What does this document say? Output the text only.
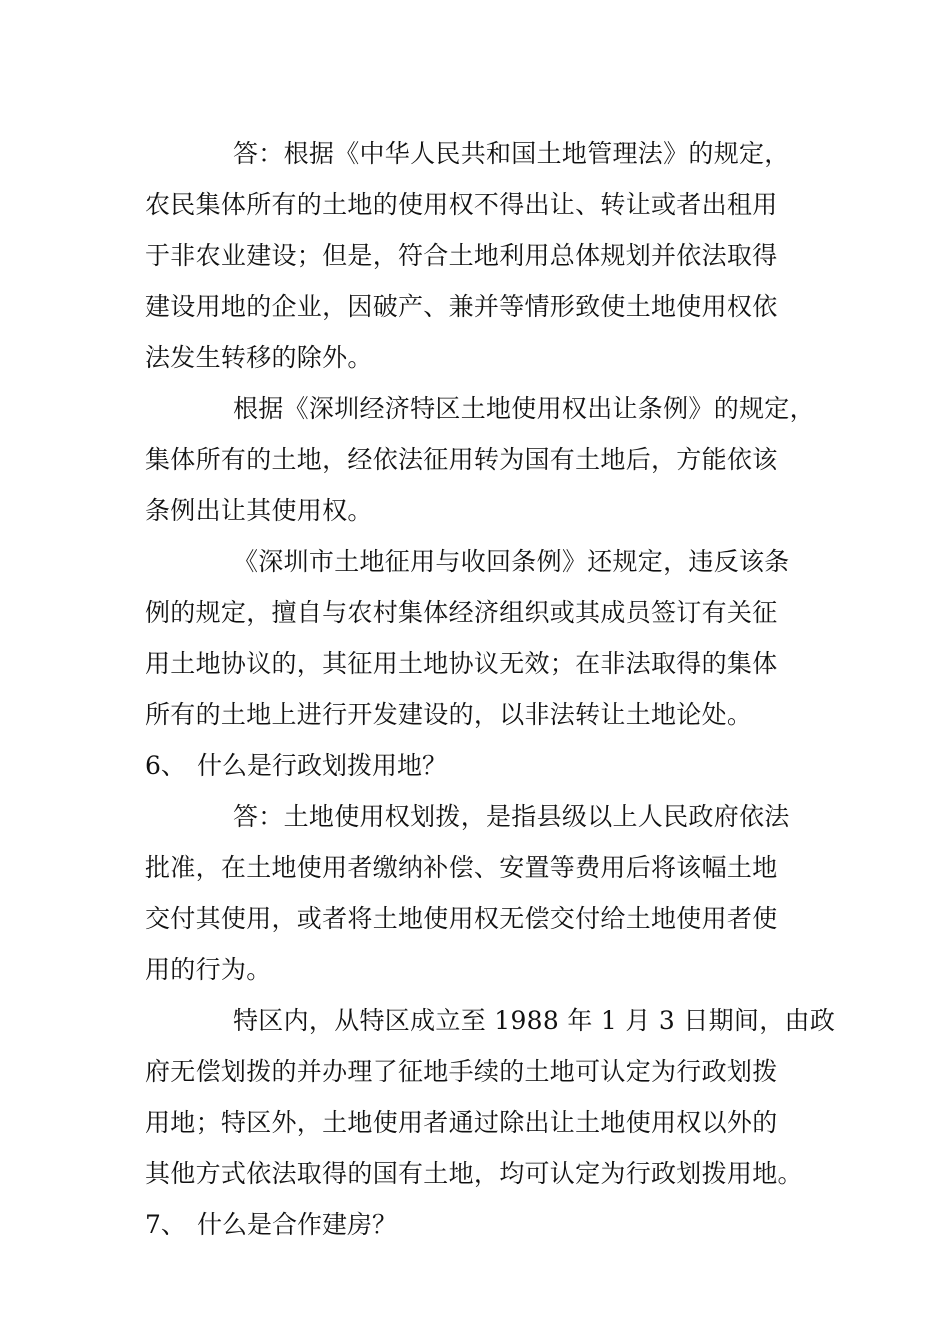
答：根据《中华人民共和国土地管理法》的规定，
农民集体所有的土地的使用权不得出让、转让或者出租用
于非农业建设；但是，符合土地利用总体规划并依法取得
建设用地的企业，因破产、兼并等情形致使土地使用权依
法发生转移的除外。
根据《深圳经济特区土地使用权出让条例》的规定，
集体所有的土地，经依法征用转为国有土地后，方能依该
条例出让其使用权。
《深圳市土地征用与收回条例》还规定，违反该条
例的规定，擅自与农村集体经济组织或其成员签订有关征
用土地协议的，其征用土地协议无效；在非法取得的集体
所有的土地上进行开发建设的，以非法转让土地论处。
6、 什么是行政划拨用地？
答：土地使用权划拨，是指县级以上人民政府依法
批准，在土地使用者缴纳补偿、安置等费用后将该幅土地
交付其使用，或者将土地使用权无偿交付给土地使用者使
用的行为。
特区内，从特区成立至 1988 年 1 月 3 日期间，由政
府无偿划拨的并办理了征地手续的土地可认定为行政划拨
用地；特区外，土地使用者通过除出让土地使用权以外的
其他方式依法取得的国有土地，均可认定为行政划拨用地。
7、 什么是合作建房？
